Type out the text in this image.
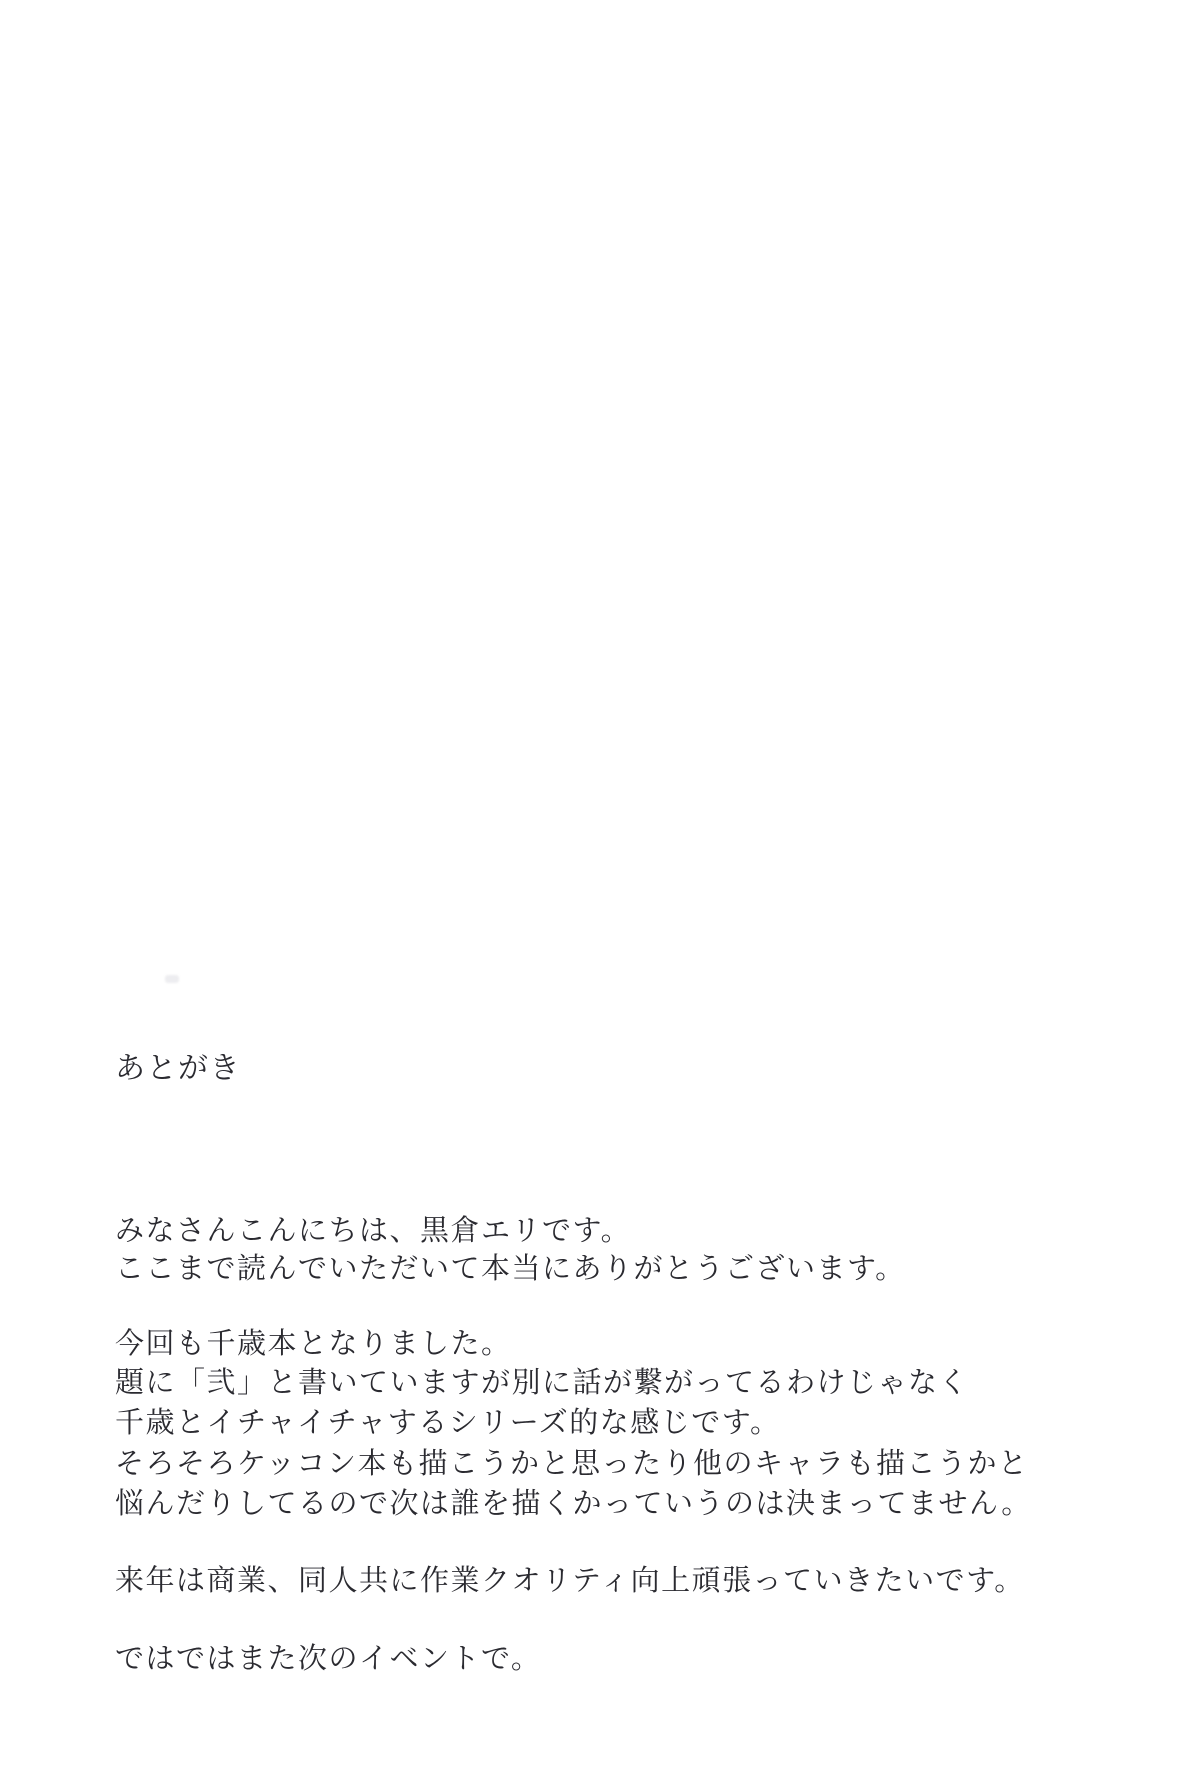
あとがき

みなさんこんにちは、黒倉エリです。

ここまで読んでいただいて本当にありがとうございます。

今回も千歳本となりました。

題に「弐」と書いていますが別に話が繋がってるわけじゃなく

千歳とイチャイチャするシリーズ的な感じです。

そろそろケッコン本も描こうかと思ったり他のキャラも描こうかと

悩んだりしてるので次は誰を描くかっていうのは決まってません。

来年は商業、同人共に作業クオリティ向上頑張っていきたいです。

ではではまた次のイベントで。
